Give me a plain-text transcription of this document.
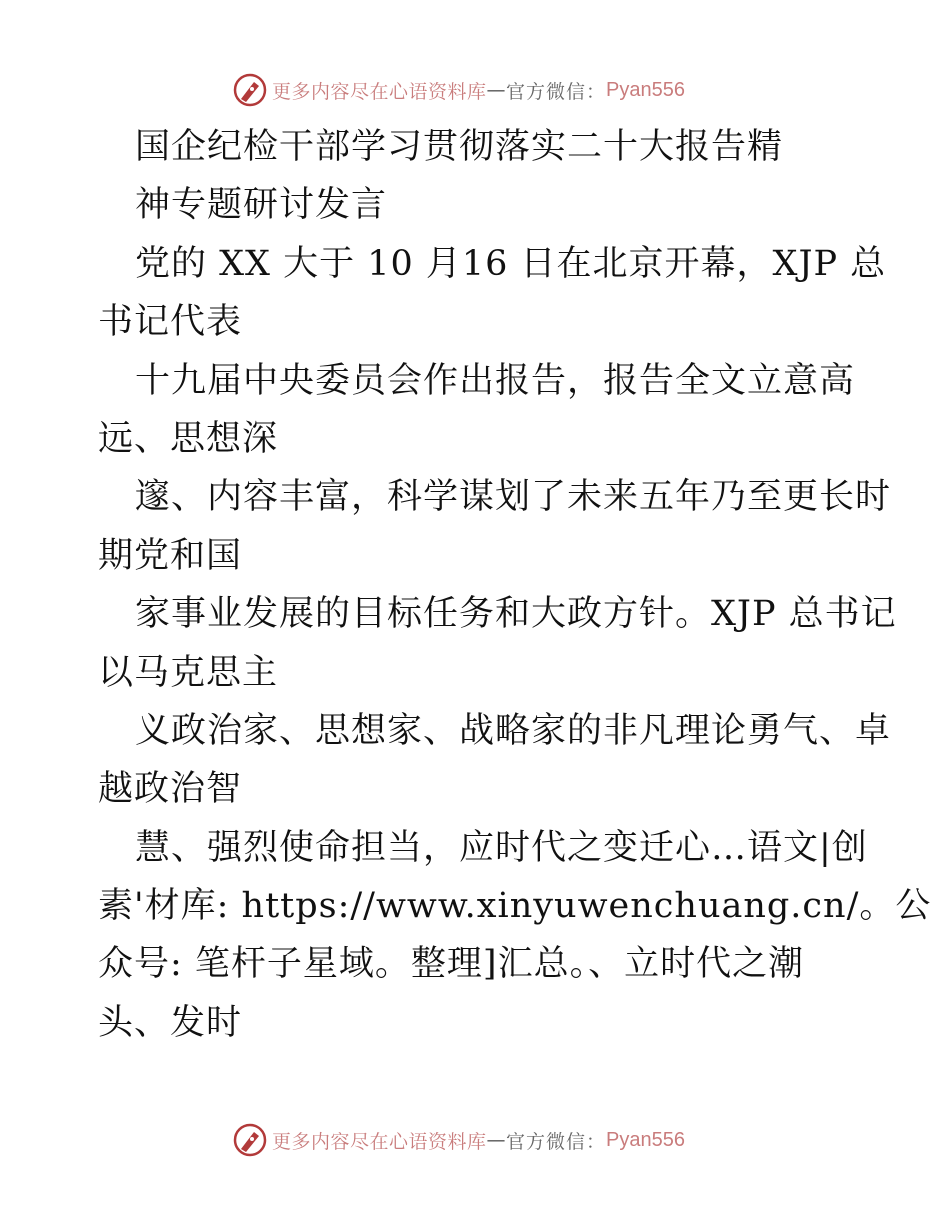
更多内容尽在心语资料库 — 官方微信： Pyan556
国企纪检干部学习贯彻落实二十大报告精
神专题研讨发言
党的 XX 大于 10 月16 日在北京开幕，XJP 总
书记代表
十九届中央委员会作出报告，报告全文立意高
远、思想深
邃、内容丰富，科学谋划了未来五年乃至更长时
期党和国
家事业发展的目标任务和大政方针。XJP 总书记
以马克思主
义政治家、思想家、战略家的非凡理论勇气、卓
越政治智
慧、强烈使命担当，应时代之变迁心…语文|创
素'材库: https://www.xinyuwenchuang.cn/。公
众号: 笔杆子星域。整理]汇总。、立时代之潮
头、发时
更多内容尽在心语资料库 — 官方微信： Pyan556
